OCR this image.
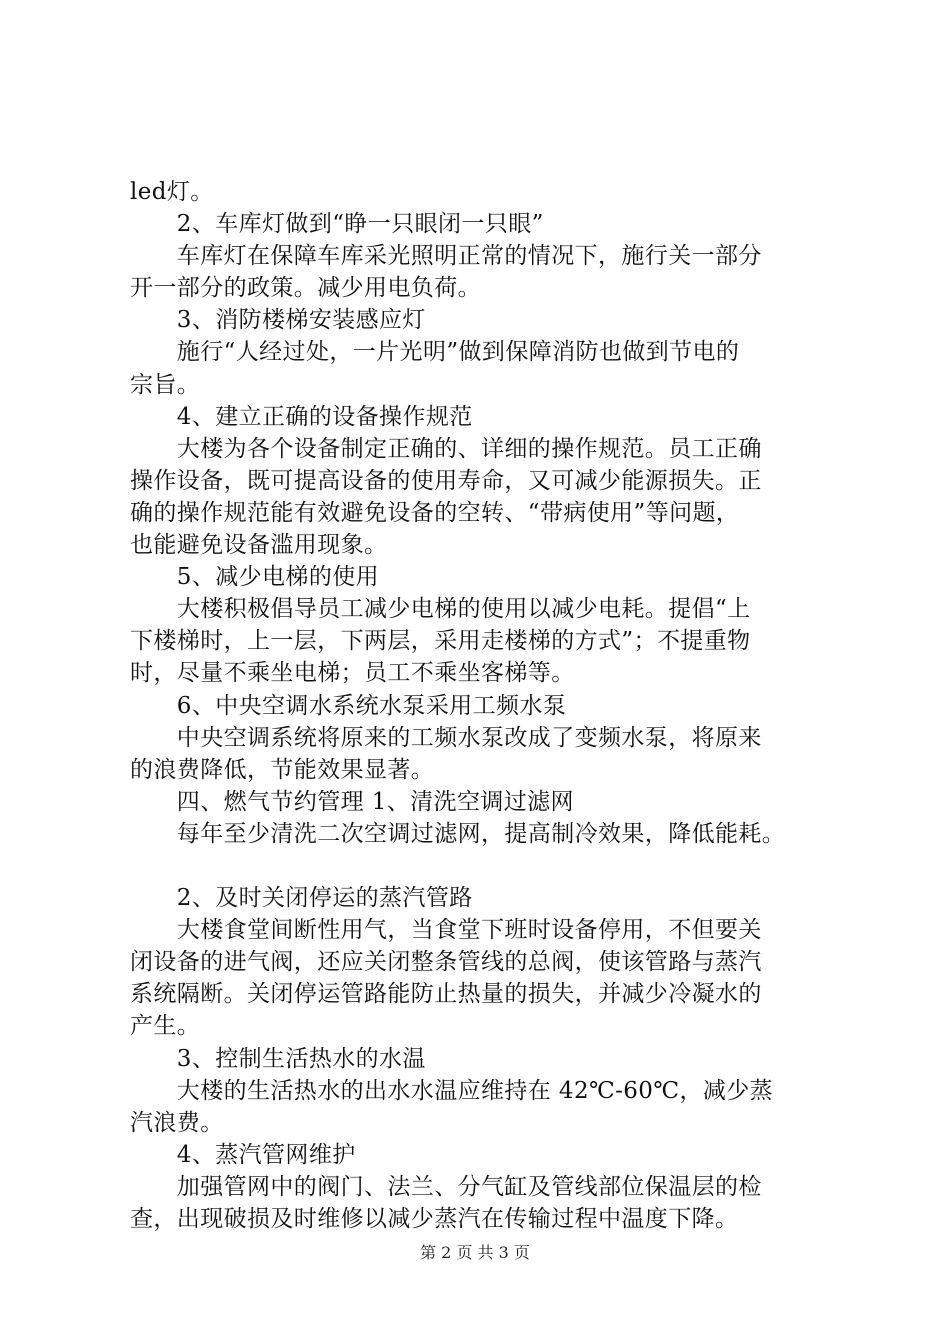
led灯。

　　2、车库灯做到“睁一只眼闭一只眼”

　　车库灯在保障车库采光照明正常的情况下，施行关一部分

开一部分的政策。减少用电负荷。

　　3、消防楼梯安装感应灯

　　施行“人经过处，一片光明”做到保障消防也做到节电的

宗旨。

　　4、建立正确的设备操作规范

　　大楼为各个设备制定正确的、详细的操作规范。员工正确

操作设备，既可提高设备的使用寿命，又可减少能源损失。正

确的操作规范能有效避免设备的空转、“带病使用”等问题，

也能避免设备滥用现象。

　　5、减少电梯的使用

　　大楼积极倡导员工减少电梯的使用以减少电耗。提倡“上

下楼梯时，上一层，下两层，采用走楼梯的方式”；不提重物

时，尽量不乘坐电梯；员工不乘坐客梯等。

　　6、中央空调水系统水泵采用工频水泵

　　中央空调系统将原来的工频水泵改成了变频水泵，将原来

的浪费降低，节能效果显著。

　　四、燃气节约管理 1、清洗空调过滤网

　　每年至少清洗二次空调过滤网，提高制冷效果，降低能耗。

　　2、及时关闭停运的蒸汽管路

　　大楼食堂间断性用气，当食堂下班时设备停用，不但要关

闭设备的进气阀，还应关闭整条管线的总阀，使该管路与蒸汽

系统隔断。关闭停运管路能防止热量的损失，并减少冷凝水的

产生。

　　3、控制生活热水的水温

　　大楼的生活热水的出水水温应维持在 42℃-60℃，减少蒸

汽浪费。

　　4、蒸汽管网维护

　　加强管网中的阀门、法兰、分气缸及管线部位保温层的检

查，出现破损及时维修以减少蒸汽在传输过程中温度下降。

第 2 页 共 3 页
